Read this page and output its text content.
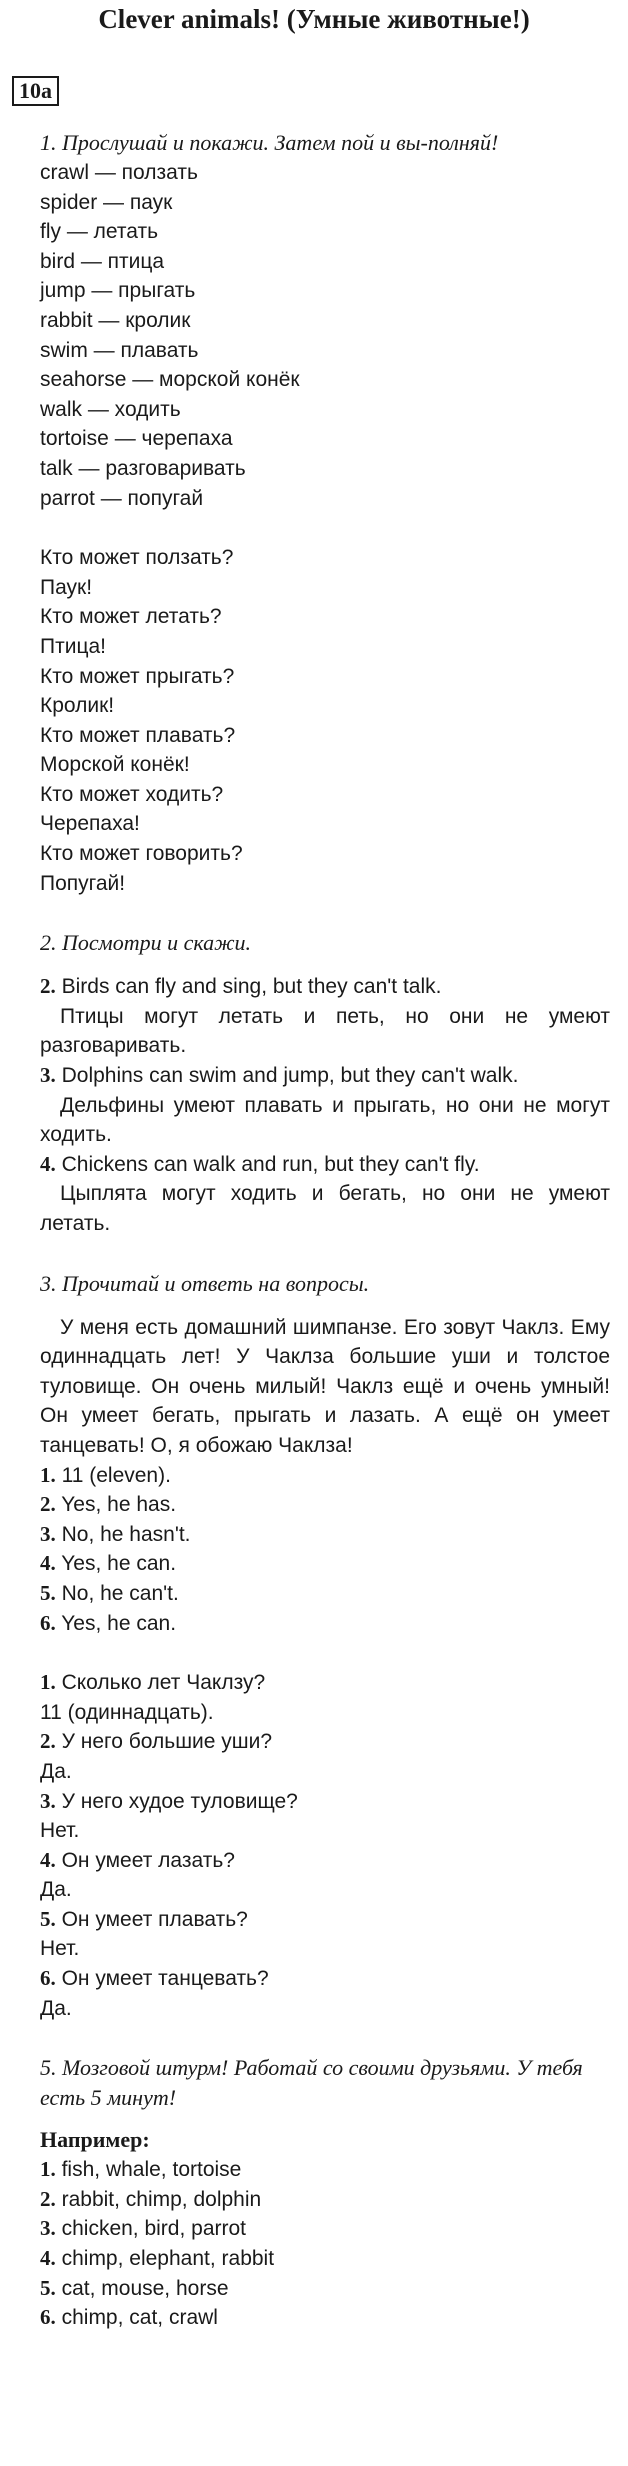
Clever animals! (Умные животные!)
10a

1. Прослушай и покажи. Затем пой и вы-полняй!

crawl — ползать
spider — паук
fly — летать
bird — птица
jump — прыгать
rabbit — кролик
swim — плавать
seahorse — морской конёк
walk — ходить
tortoise — черепаха
talk — разговаривать
parrot — попугай
Кто может ползать?
Паук!
Кто может летать?
Птица!
Кто может прыгать?
Кролик!
Кто может плавать?
Морской конёк!
Кто может ходить?
Черепаха!
Кто может говорить?
Попугай!

2. Посмотри и скажи.

2. Birds can fly and sing, but they can't talk.

Птицы могут летать и петь, но они не умеют разговаривать.

3. Dolphins can swim and jump, but they can't walk.

Дельфины умеют плавать и прыгать, но они не могут ходить.

4. Chickens can walk and run, but they can't fly.

Цыплята могут ходить и бегать, но они не умеют летать.

3. Прочитай и ответь на вопросы.

У меня есть домашний шимпанзе. Его зовут Чаклз. Ему одиннадцать лет! У Чаклза большие уши и толстое туловище. Он очень милый! Чаклз ещё и очень умный! Он умеет бегать, прыгать и лазать. А ещё он умеет танцевать! О, я обожаю Чаклза!

1. 11 (eleven).
2. Yes, he has.
3. No, he hasn't.
4. Yes, he can.
5. No, he can't.
6. Yes, he can.
1. Сколько лет Чаклзу?
11 (одиннадцать).
2. У него большие уши?
Да.
3. У него худое туловище?
Нет.
4. Он умеет лазать?
Да.
5. Он умеет плавать?
Нет.
6. Он умеет танцевать?
Да.

5. Мозговой штурм! Работай со своими друзьями. У тебя есть 5 минут!

Например:

1. fish, whale, tortoise
2. rabbit, chimp, dolphin
3. chicken, bird, parrot
4. chimp, elephant, rabbit
5. cat, mouse, horse
6. chimp, cat, crawl
